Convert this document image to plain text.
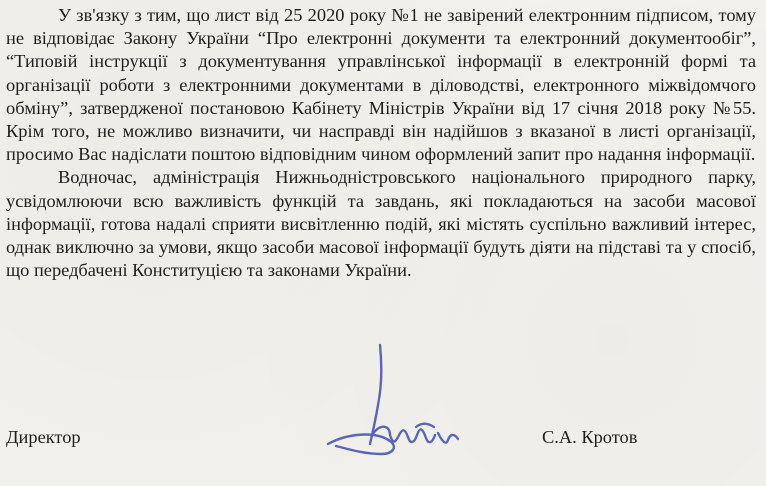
У зв'язку з тим, що лист від 25 2020 року №1 не завірений електронним підписом, тому не відповідає Закону України “Про електронні документи та електронний документообіг”, “Типовій інструкції з документування управлінської інформації в електронній формі та організації роботи з електронними документами в діловодстві, електронного міжвідомчого обміну”, затвердженої постановою Кабінету Міністрів України від 17 січня 2018 року №55. Крім того, не можливо визначити, чи насправді він надійшов з вказаної в листі організації, просимо Вас надіслати поштою відповідним чином оформлений запит про надання інформації.

Водночас, адміністрація Нижньодністровського національного природного парку, усвідомлюючи всю важливість функцій та завдань, які покладаються на засоби масової інформації, готова надалі сприяти висвітленню подій, які містять суспільно важливий інтерес, однак виключно за умови, якщо засоби масової інформації будуть діяти на підставі та у спосіб, що передбачені Конституцією та законами України.

Директор	С.А. Кротов
